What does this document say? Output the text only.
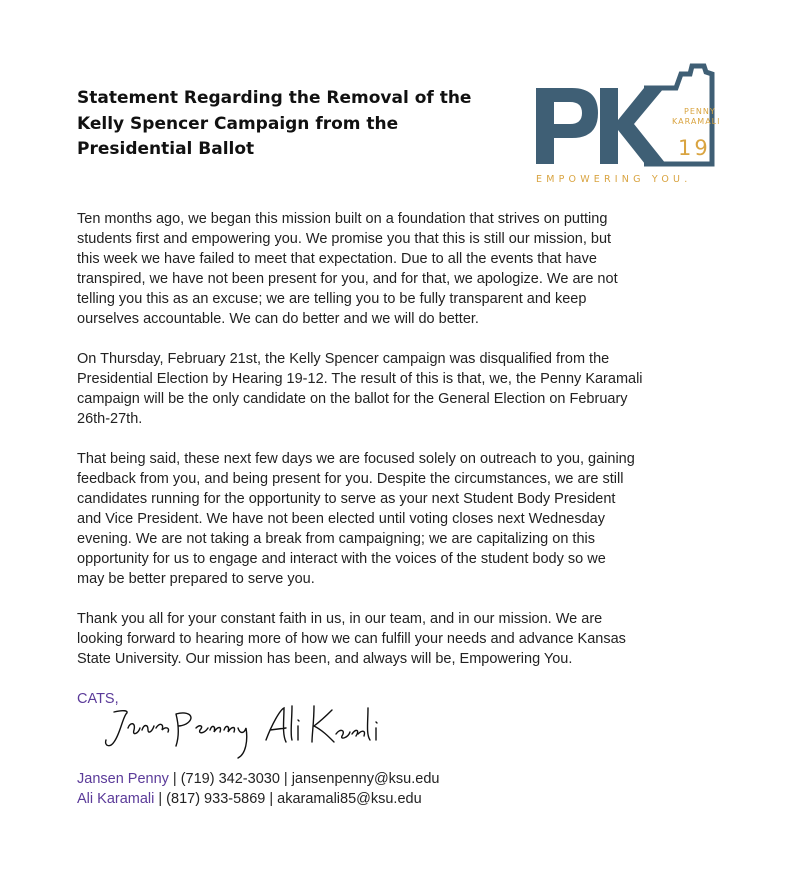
Statement Regarding the Removal of the
Kelly Spencer Campaign from the
Presidential Ballot
PENNY
KARAMALI
19
EMPOWERING YOU.
Ten months ago, we began this mission built on a foundation that strives on putting
students first and empowering you. We promise you that this is still our mission, but
this week we have failed to meet that expectation. Due to all the events that have
transpired, we have not been present for you, and for that, we apologize. We are not
telling you this as an excuse; we are telling you to be fully transparent and keep
ourselves accountable. We can do better and we will do better.
On Thursday, February 21st, the Kelly Spencer campaign was disqualified from the
Presidential Election by Hearing 19-12. The result of this is that, we, the Penny Karamali
campaign will be the only candidate on the ballot for the General Election on February
26th-27th.
That being said, these next few days we are focused solely on outreach to you, gaining
feedback from you, and being present for you. Despite the circumstances, we are still
candidates running for the opportunity to serve as your next Student Body President
and Vice President. We have not been elected until voting closes next Wednesday
evening. We are not taking a break from campaigning; we are capitalizing on this
opportunity for us to engage and interact with the voices of the student body so we
may be better prepared to serve you.
Thank you all for your constant faith in us, in our team, and in our mission. We are
looking forward to hearing more of how we can fulfill your needs and advance Kansas
State University. Our mission has been, and always will be, Empowering You.
CATS,
Jansen Penny | (719) 342-3030 | jansenpenny@ksu.edu
Ali Karamali | (817) 933-5869 | akaramali85@ksu.edu
